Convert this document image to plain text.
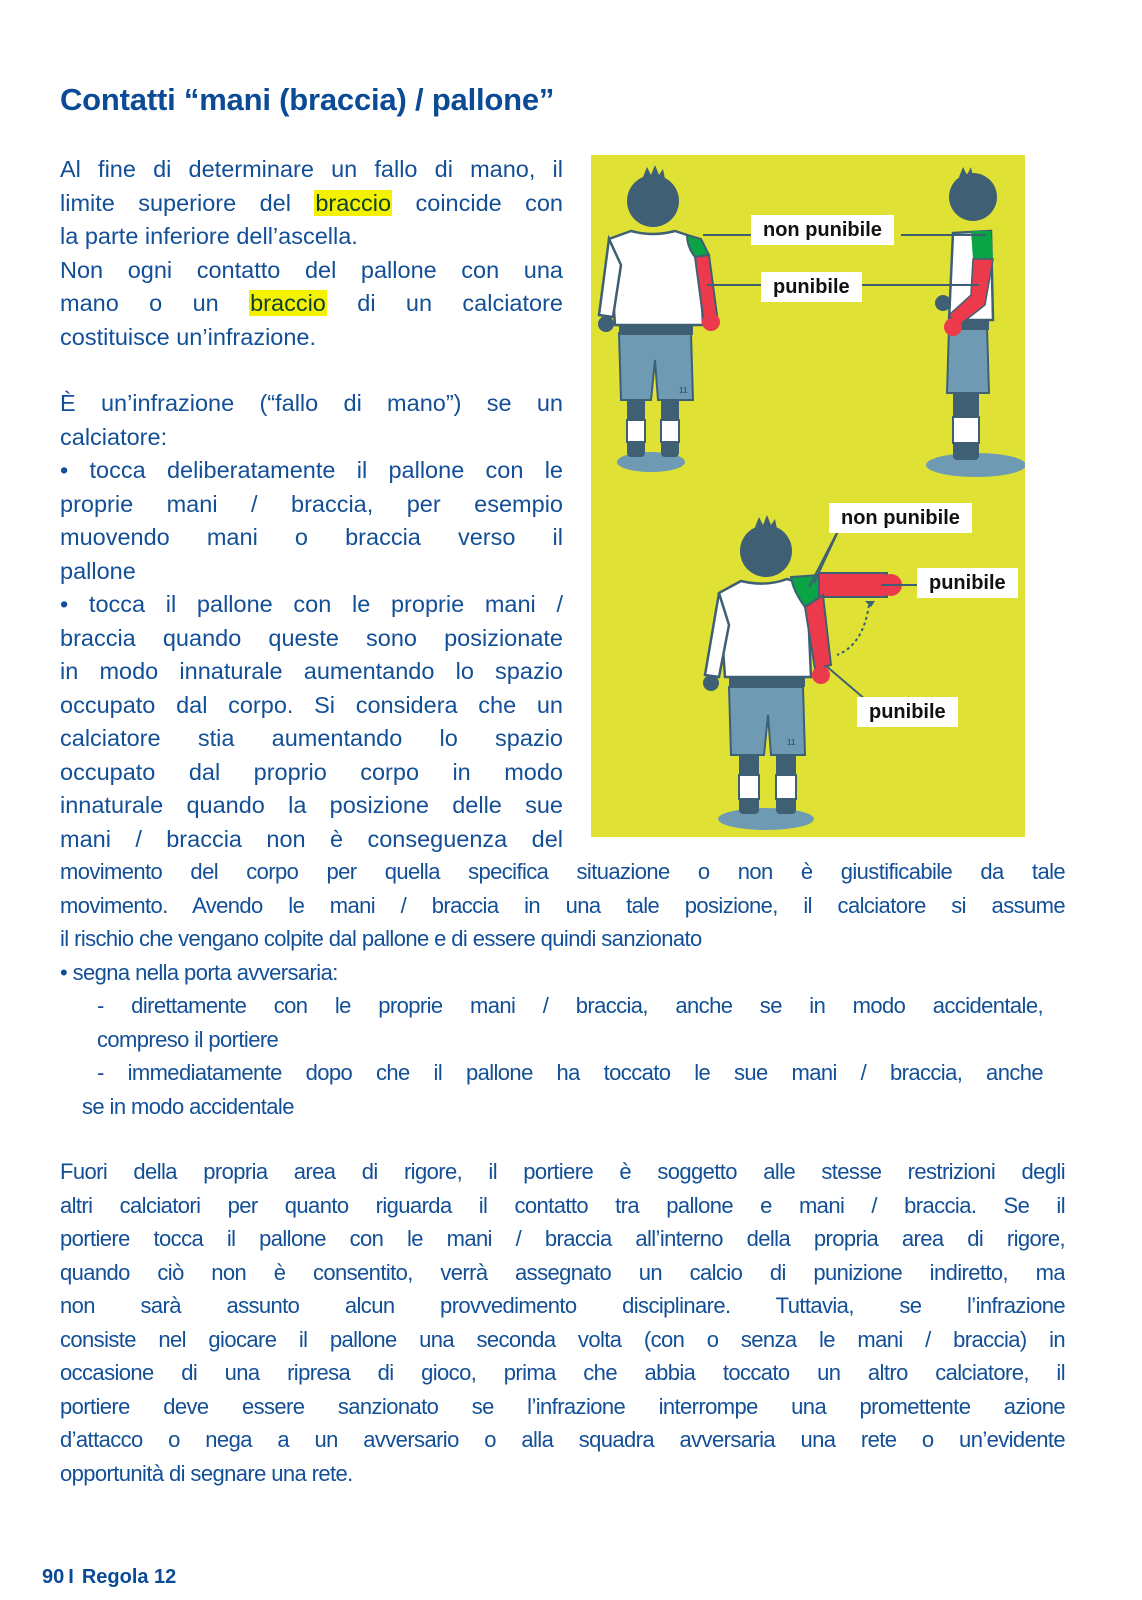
Contatti “mani (braccia) / pallone”
Al fine di determinare un fallo di mano, il
limite superiore del braccio coincide con
la parte inferiore dell’ascella.
Non ogni contatto del pallone con una
mano o un braccio di un calciatore
costituisce un’infrazione.
È un’infrazione (“fallo di mano”) se un
calciatore:
• tocca deliberatamente il pallone con le
proprie mani / braccia, per esempio
muovendo mani o braccia verso il
pallone
• tocca il pallone con le proprie mani /
braccia quando queste sono posizionate
in modo innaturale aumentando lo spazio
occupato dal corpo. Si considera che un
calciatore stia aumentando lo spazio
occupato dal proprio corpo in modo
innaturale quando la posizione delle sue
mani / braccia non è conseguenza del
movimento del corpo per quella specifica situazione o non è giustificabile da tale
movimento. Avendo le mani / braccia in una tale posizione, il calciatore si assume
il rischio che vengano colpite dal pallone e di essere quindi sanzionato
• segna nella porta avversaria:
- direttamente con le proprie mani / braccia, anche se in modo accidentale,
compreso il portiere
- immediatamente dopo che il pallone ha toccato le sue mani / braccia, anche
se in modo accidentale
Fuori della propria area di rigore, il portiere è soggetto alle stesse restrizioni degli
altri calciatori per quanto riguarda il contatto tra pallone e mani / braccia. Se il
portiere tocca il pallone con le mani / braccia all’interno della propria area di rigore,
quando ciò non è consentito, verrà assegnato un calcio di punizione indiretto, ma
non sarà assunto alcun provvedimento disciplinare. Tuttavia, se l’infrazione
consiste nel giocare il pallone una seconda volta (con o senza le mani / braccia) in
occasione di una ripresa di gioco, prima che abbia toccato un altro calciatore, il
portiere deve essere sanzionato se l’infrazione interrompe una promettente azione
d’attacco o nega a un avversario o alla squadra avversaria una rete o un’evidente
opportunità di segnare una rete.
11
11
non punibile
punibile
non punibile
punibile
punibile
90 I Regola 12
